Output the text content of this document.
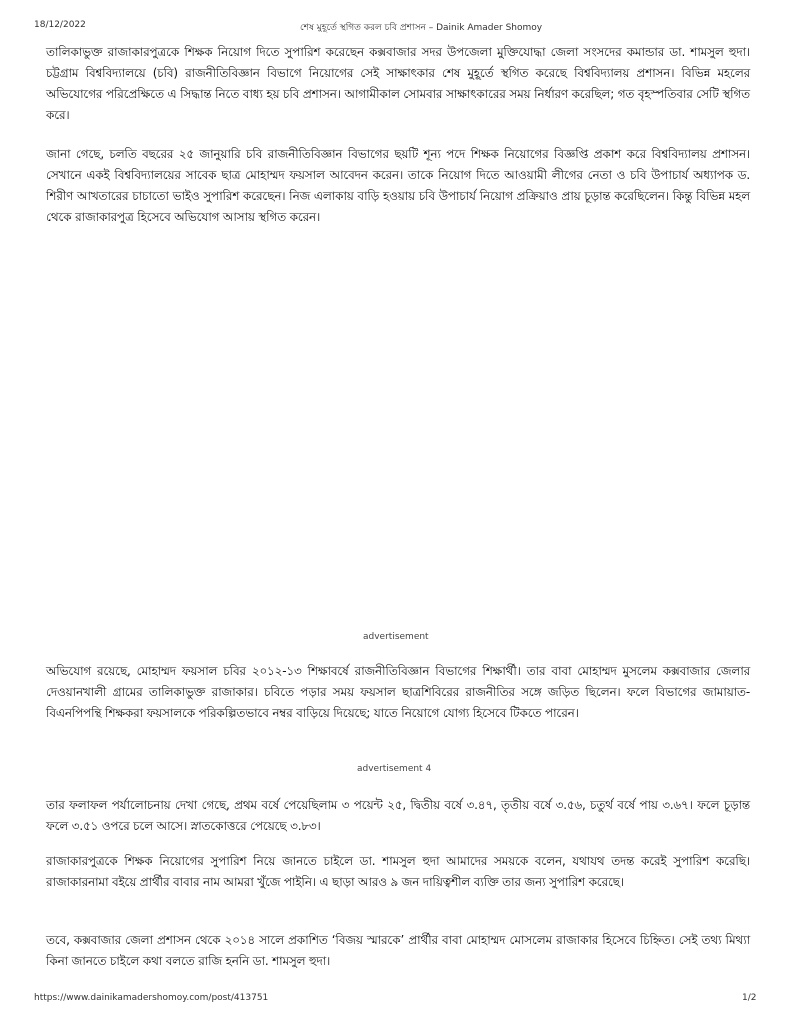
18/12/2022	শেষ মুহূর্তে স্থগিত করল চবি প্রশাসন – Dainik Amader Shomoy

তালিকাভুক্ত রাজাকারপুত্রকে শিক্ষক নিয়োগ দিতে সুপারিশ করেছেন কক্সবাজার সদর উপজেলা মুক্তিযোদ্ধা জেলা সংসদের কমান্ডার ডা. শামসুল হুদা। চট্টগ্রাম বিশ্ববিদ্যালয়ে (চবি) রাজনীতিবিজ্ঞান বিভাগে নিয়োগের সেই সাক্ষাৎকার শেষ মুহূর্তে স্থগিত করেছে বিশ্ববিদ্যালয় প্রশাসন। বিভিন্ন মহলের অভিযোগের পরিপ্রেক্ষিতে এ সিদ্ধান্ত নিতে বাধ্য হয় চবি প্রশাসন। আগামীকাল সোমবার সাক্ষাৎকারের সময় নির্ধারণ করেছিল; গত বৃহস্পতিবার সেটি স্থগিত করে।

জানা গেছে, চলতি বছরের ২৫ জানুয়ারি চবি রাজনীতিবিজ্ঞান বিভাগের ছয়টি শূন্য পদে শিক্ষক নিয়োগের বিজ্ঞপ্তি প্রকাশ করে বিশ্ববিদ্যালয় প্রশাসন। সেখানে একই বিশ্ববিদ্যালয়ের সাবেক ছাত্র মোহাম্মদ ফয়সাল আবেদন করেন। তাকে নিয়োগ দিতে আওয়ামী লীগের নেতা ও চবি উপাচার্য অধ্যাপক ড. শিরীণ আখতারের চাচাতো ভাইও সুপারিশ করেছেন। নিজ এলাকায় বাড়ি হওয়ায় চবি উপাচার্য নিয়োগ প্রক্রিয়াও প্রায় চূড়ান্ত করেছিলেন। কিন্তু বিভিন্ন মহল থেকে রাজাকারপুত্র হিসেবে অভিযোগ আসায় স্থগিত করেন।

advertisement

অভিযোগ রয়েছে, মোহাম্মদ ফয়সাল চবির ২০১২-১৩ শিক্ষাবর্ষে রাজনীতিবিজ্ঞান বিভাগের শিক্ষার্থী। তার বাবা মোহাম্মদ মুসলেম কক্সবাজার জেলার দেওয়ানখালী গ্রামের তালিকাভুক্ত রাজাকার। চবিতে পড়ার সময় ফয়সাল ছাত্রশিবিরের রাজনীতির সঙ্গে জড়িত ছিলেন। ফলে বিভাগের জামায়াত-বিএনপিপন্থি শিক্ষকরা ফয়সালকে পরিকল্পিতভাবে নম্বর বাড়িয়ে দিয়েছে; যাতে নিয়োগে যোগ্য হিসেবে টিকতে পারেন।

advertisement 4

তার ফলাফল পর্যালোচনায় দেখা গেছে, প্রথম বর্ষে পেয়েছিলাম ৩ পয়েন্ট ২৫, দ্বিতীয় বর্ষে ৩.৪৭, তৃতীয় বর্ষে ৩.৫৬, চতুর্থ বর্ষে পায় ৩.৬৭। ফলে চূড়ান্ত ফলে ৩.৫১ ওপরে চলে আসে। স্নাতকোত্তরে পেয়েছে ৩.৮৩।

রাজাকারপুত্রকে শিক্ষক নিয়োগের সুপারিশ নিয়ে জানতে চাইলে ডা. শামসুল হুদা আমাদের সময়কে বলেন, যথাযথ তদন্ত করেই সুপারিশ করেছি। রাজাকারনামা বইয়ে প্রার্থীর বাবার নাম আমরা খুঁজে পাইনি। এ ছাড়া আরও ৯ জন দায়িত্বশীল ব্যক্তি তার জন্য সুপারিশ করেছে।

তবে, কক্সবাজার জেলা প্রশাসন থেকে ২০১৪ সালে প্রকাশিত ‘বিজয় স্মারকে’ প্রার্থীর বাবা মোহাম্মদ মোসলেম রাজাকার হিসেবে চিহ্নিত। সেই তথ্য মিথ্যা কিনা জানতে চাইলে কথা বলতে রাজি হননি ডা. শামসুল হুদা।

https://www.dainikamadershomoy.com/post/413751	1/2
